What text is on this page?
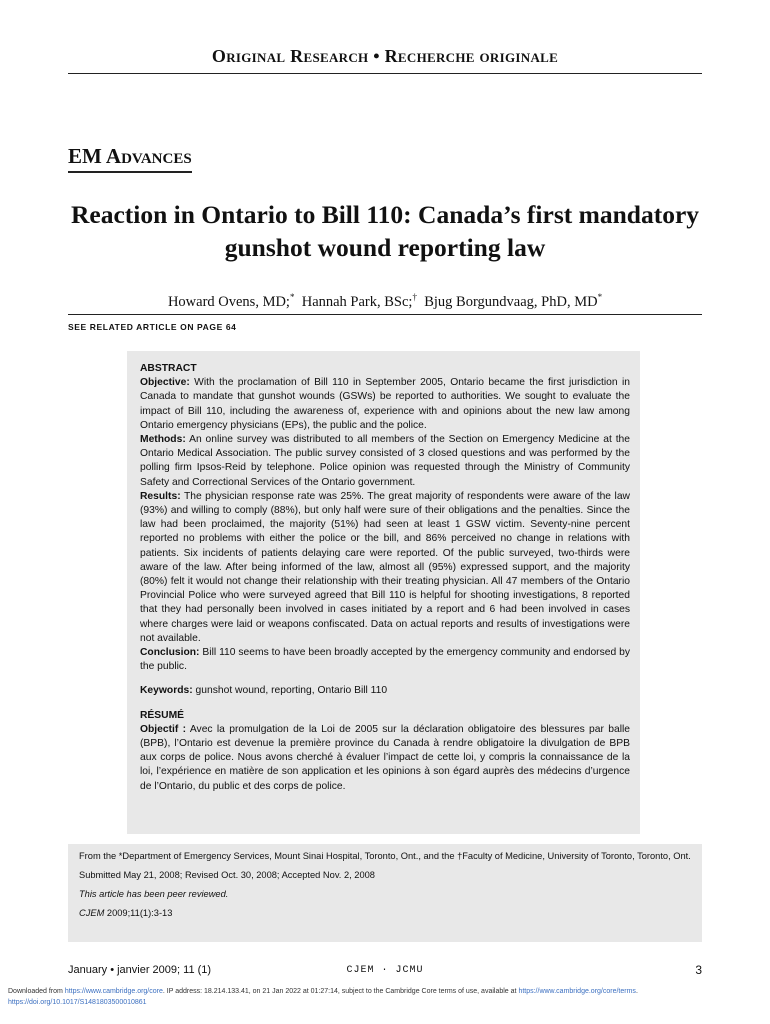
Original Research • Recherche originale
EM Advances
Reaction in Ontario to Bill 110: Canada’s first mandatory gunshot wound reporting law
Howard Ovens, MD;* Hannah Park, BSc;† Bjug Borgundvaag, PhD, MD*
SEE RELATED ARTICLE ON PAGE 64

ABSTRACT

Objective: With the proclamation of Bill 110 in September 2005, Ontario became the first jurisdiction in Canada to mandate that gunshot wounds (GSWs) be reported to authorities. We sought to evaluate the impact of Bill 110, including the awareness of, experience with and opinions about the new law among Ontario emergency physicians (EPs), the public and the police.

Methods: An online survey was distributed to all members of the Section on Emergency Medicine at the Ontario Medical Association. The public survey consisted of 3 closed questions and was performed by the polling firm Ipsos-Reid by telephone. Police opinion was requested through the Ministry of Community Safety and Correctional Services of the Ontario government.

Results: The physician response rate was 25%. The great majority of respondents were aware of the law (93%) and willing to comply (88%), but only half were sure of their obligations and the penalties. Since the law had been proclaimed, the majority (51%) had seen at least 1 GSW victim. Seventy-nine percent reported no problems with either the police or the bill, and 86% perceived no change in relations with patients. Six incidents of patients delaying care were reported. Of the public surveyed, two-thirds were aware of the law. After being informed of the law, almost all (95%) expressed support, and the majority (80%) felt it would not change their relationship with their treating physician. All 47 members of the Ontario Provincial Police who were surveyed agreed that Bill 110 is helpful for shooting investigations, 8 reported that they had personally been involved in cases initiated by a report and 6 had been involved in cases where charges were laid or weapons confiscated. Data on actual reports and results of investigations were not available.

Conclusion: Bill 110 seems to have been broadly accepted by the emergency community and endorsed by the public.

Keywords: gunshot wound, reporting, Ontario Bill 110

RÉSUMÉ

Objectif : Avec la promulgation de la Loi de 2005 sur la déclaration obligatoire des blessures par balle (BPB), l’Ontario est devenue la première province du Canada à rendre obligatoire la divulgation de BPB aux corps de police. Nous avons cherché à évaluer l’impact de cette loi, y compris la connaissance de la loi, l’expérience en matière de son application et les opinions à son égard auprès des médecins d’urgence de l’Ontario, du public et des corps de police.

From the *Department of Emergency Services, Mount Sinai Hospital, Toronto, Ont., and the †Faculty of Medicine, University of Toronto, Toronto, Ont.

Submitted May 21, 2008; Revised Oct. 30, 2008; Accepted Nov. 2, 2008

This article has been peer reviewed.

CJEM 2009;11(1):3-13

January • janvier 2009; 11 (1)	CJEM · JCMU	3
Downloaded from https://www.cambridge.org/core. IP address: 18.214.133.41, on 21 Jan 2022 at 01:27:14, subject to the Cambridge Core terms of use, available at https://www.cambridge.org/core/terms.
https://doi.org/10.1017/S1481803500010861
